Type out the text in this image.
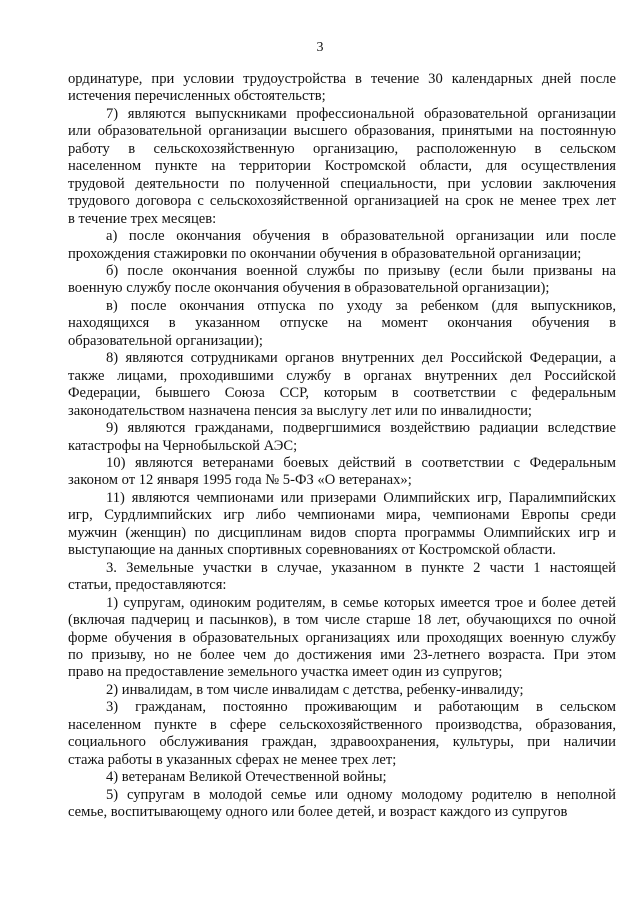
3
ординатуре, при условии трудоустройства в течение 30 календарных дней после
истечения перечисленных обстоятельств;
7) являются выпускниками профессиональной образовательной организации
или образовательной организации высшего образования, принятыми на постоянную
работу в сельскохозяйственную организацию, расположенную в сельском
населенном пункте на территории Костромской области, для осуществления
трудовой деятельности по полученной специальности, при условии заключения
трудового договора с сельскохозяйственной организацией на срок не менее трех лет
в течение трех месяцев:
а) после окончания обучения в образовательной организации или после
прохождения стажировки по окончании обучения в образовательной организации;
б) после окончания военной службы по призыву (если были призваны на
военную службу после окончания обучения в образовательной организации);
в) после окончания отпуска по уходу за ребенком (для выпускников,
находящихся в указанном отпуске на момент окончания обучения в
образовательной организации);
8) являются сотрудниками органов внутренних дел Российской Федерации, а
также лицами, проходившими службу в органах внутренних дел Российской
Федерации, бывшего Союза ССР, которым в соответствии с федеральным
законодательством назначена пенсия за выслугу лет или по инвалидности;
9) являются гражданами, подвергшимися воздействию радиации вследствие
катастрофы на Чернобыльской АЭС;
10) являются ветеранами боевых действий в соответствии с Федеральным
законом от 12 января 1995 года № 5-ФЗ «О ветеранах»;
11) являются чемпионами или призерами Олимпийских игр, Паралимпийских
игр, Сурдлимпийских игр либо чемпионами мира, чемпионами Европы среди
мужчин (женщин) по дисциплинам видов спорта программы Олимпийских игр и
выступающие на данных спортивных соревнованиях от Костромской области.
3. Земельные участки в случае, указанном в пункте 2 части 1 настоящей
статьи, предоставляются:
1) супругам, одиноким родителям, в семье которых имеется трое и более детей
(включая падчериц и пасынков), в том числе старше 18 лет, обучающихся по очной
форме обучения в образовательных организациях или проходящих военную службу
по призыву, но не более чем до достижения ими 23-летнего возраста. При этом
право на предоставление земельного участка имеет один из супругов;
2) инвалидам, в том числе инвалидам с детства, ребенку-инвалиду;
3) гражданам, постоянно проживающим и работающим в сельском
населенном пункте в сфере сельскохозяйственного производства, образования,
социального обслуживания граждан, здравоохранения, культуры, при наличии
стажа работы в указанных сферах не менее трех лет;
4) ветеранам Великой Отечественной войны;
5) супругам в молодой семье или одному молодому родителю в неполной
семье, воспитывающему одного или более детей, и возраст каждого из супругов
